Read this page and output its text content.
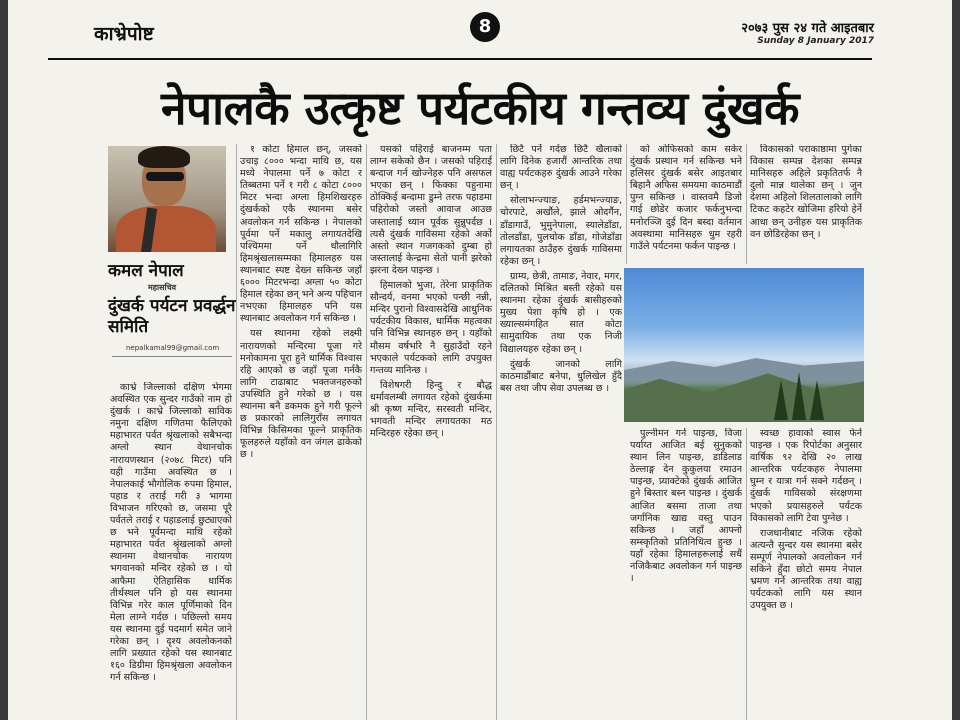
काभ्रेपोष्ट	8	२०७३ पुस २४ गते आइतबार
Sunday 8 January 2017
नेपालकै उत्कृष्ट पर्यटकीय गन्तव्य दुंखर्क
कमल नेपाल
महासचिव
दुंखर्क पर्यटन प्रवर्द्धन समिति
nepalkamal99@gmail.com

काभ्रे जिल्लाको दक्षिण भेगमा अवस्थित एक सुन्दर गाउँको नाम हो दुंखर्क । काभ्रे जिल्लाको साविक नमुना दक्षिण गणितमा फैलिएको महाभारत पर्वत श्रृंखलाको सबैभन्दा अग्लो स्थान वेथानचोक नारायणस्थान (२०७८ मिटर) पनि यही गाउँमा अवस्थित छ । नेपालकाई भौगोलिक रुपमा हिमाल, पहाड र तराई गरी ३ भागमा विभाजन गरिएको छ, जसमा पूरै पर्वतले तराई र पहाडलाई छुट्याएको छ भने पूर्वमन्दा माथि रहेको महाभारत पर्वत श्रृंखलाको अग्लो स्थानमा वेथानचोक नारायण भगवानको मन्दिर रहेको छ । यो आफैमा ऐतिहासिक धार्मिक तीर्थस्थल पनि हो यस स्थानमा विभिन्न गरेर काल पूर्णिमाको दिन मेला लाग्ने गर्दछ । पछिल्लो समय यस स्थानमा दुई पदमार्ग समेत जाने गरेका छन् । दृश्य अवलोकनको लागि प्रख्यात रहेको यस स्थानबाट १६० डिग्रीमा हिमश्रृंखला अवलोकन गर्न सकिन्छ ।

१ कोटा हिमाल छन्, जसको उचाइ ८००० भन्दा माथि छ, यस मध्ये नेपालमा पर्ने ७ कोटा र तिब्बतमा पर्ने १ गरी ८ कोटा ८००० मिटर भन्दा अग्ला हिमशिखरहरु दुंखर्कको एकै स्थानमा बसेर अवलोकन गर्न सकिन्छ । नेपालको पूर्वमा पर्ने मकालु लगायतदेखि पश्चिममा पर्ने धौलागिरि हिमश्रृंखलासम्मका हिमालहरु यस स्थानबाट स्पष्ट देख्न सकिन्छ जहाँ ६००० मिटरभन्दा अग्ला ५० कोटा हिमाल रहेका छन् भने अन्य पहिचान नभएका हिमालहरु पनि यस स्थानबाट अवलोकन गर्न सकिन्छ ।

यस स्थानमा रहेको लक्ष्मी नारायणको मन्दिरमा पूजा गरे मनोकामना पूरा हुने धार्मिक विश्वास रहि आएको छ जहाँ पूजा गर्नकै लागि टाढाबाट भक्तजनहरुको उपस्थिति हुने गरेको छ । यस स्थानमा बनै डकमक हुने गरी फूल्ने छ प्रकारको लालिगुराँस लगायत विभिन्न किसिमका फूल्ने प्राकृतिक फूलहरुले यहाँको वन जंगल ढाकेको छ ।

यसको पहिराई बाजनम्म पता लाग्न सकेको छैन । जसको पहिराई बन्दाज गर्न खोज्नेहरु पनि असफल भएका छन् । फिक्का पहुनामा ठोक्किई बन्दामा डुम्ने तरफ पहाडमा पहिरोको जस्तो आवाज आउछ जस्तालाई ध्यान पूर्वक सुन्नुपर्दछ । त्यसै दुंखर्क गाविसमा रहेको अर्को अस्तो स्थान गजगकको दुम्बा हो जस्तालाई केन्द्रमा सेतो पानी झरेको झरना देख्न पाइन्छ ।

हिमालको भुजा, तेरेना प्राकृतिक सौन्दर्य, वनमा भएको पन्छी नन्नी, मन्दिर पुरानो विश्वासदेखि आधुनिक पर्यटकीय विकास, धार्मिक महत्वका पनि विभिन्न स्थानहरु छन् । यहाँको मौसम वर्षभरि नै सुहाउँदो रहने भएकाले पर्यटकको लागि उपयुक्त गन्तव्य मानिन्छ ।

विशेषगरी हिन्दु र बौद्ध धर्मावलम्बी लगायत रहेको दुंखर्कमा श्री कृष्ण मन्दिर, सरस्वती मन्दिर, भगवती मन्दिर लगायतका मठ मन्दिरहरु रहेका छन् ।

छिटै पर्ने गर्दछ छिटै खैलाको लागि दिनेक हजारौं आन्तरिक तथा वाह्य पर्यटकहरु दुंखर्क आउने गरेका छन् ।

सोलाभन्ज्याङ, हर्डमभन्ज्याङ, चोरपाटे, अर्खौले, झाले ओदर्गैन, डाँडागाउँ, भुमुनेपाला, स्यालेडाँडा, तोलडाँडा, पुलचोक डाँडा, गोजेडाँडा लगायतका ठाउँहरु दुंखर्क गाविसमा रहेका छन् ।

ग्राम्य, छेत्री, तामाङ, नेवार, मगर, दलितको मिश्रित बस्ती रहेको यस स्थानमा रहेका दुंखर्क बासीहरुको मुख्य पेशा कृषि हो । एक ख्याल्समंगहित सात कोटा सामुदायिक तथा एक निजी विद्यालयहरु रहेका छन् ।

दुंखर्क जानको लागि काठमाडौंबाट बनेपा, धुलिखेल हुँदै बस तथा जीप सेवा उपलब्ध छ ।

को ओफिसको काम सकेर दुंखर्क प्रस्थान गर्न सकिन्छ भने हलिसर दुंखर्क बसेर आइतबार बिहानै अफिस समयमा काठमाडौं पुग्न सकिन्छ । वास्तवमै डिजो गाई छोडेर कजार फर्कनुभन्दा मनोरञ्जि दुई दिन बस्दा वर्तमान अवस्थामा मानिसहरु धुम रहरी गाउँले पर्यटनमा फर्कन पाइन्छ ।

विकासको पराकाष्ठामा पुगेका विकास सम्पन्न देशका सम्पन्न मानिसहरु अहिले प्रकृतितर्फ नै दुलो मान्न थालेका छन् । जुन देशमा अहिलो शिलतालाको लागि टिकट कहटेर खोजिमा हरियो हेर्ने आधा छन् उनीहरु यस प्राकृतिक वन छोडिरहेका छन् ।

पुल्नीमन गर्न पाइन्छ, विजा पर्याय्त आजित बई सुनुकको स्थान लिन पाइन्छ, डाडिलाड ठेल्लाङ्ग देन कुकुलया रमाउन पाइन्छ, प्र्याक्टेको दुंखर्क आजित हुने बिस्तार बस्न पाइन्छ । दुंखर्क आजित बसमा ताजा तथा जर्गानिक खाद्य वस्तु पाउन सकिन्छ । जहाँ आफ्नो सम्स्कृतिको प्रतिनिधित्व हुन्छ । यहाँ रहेका हिमालहरूलाई सधैं नजिकैबाट अवलोकन गर्न पाइन्छ ।

स्वच्छ हावाको स्वास फेर्न पाइन्छ । एक रिपोर्टका अनुसार वार्षिक ९२ देखि २० लाख आन्तरिक पर्यटकहरु नेपालमा घुम्न र यात्रा गर्न सक्ने गर्दछन् । दुंखर्क गाविसको संरक्षणमा भएको प्रयासहरुले पर्यटक विकासको लागि टेवा पुग्नेछ ।

राजधानीबाट नजिक रहेको अत्यन्तै सुन्दर यस स्थानमा बसेर सम्पूर्ण नेपालको अवलोकन गर्न सकिने हुँदा छोटो समय नेपाल भ्रमण गर्ने आन्तरिक तथा वाह्य पर्यटकको लागि यस स्थान उपयुक्त छ ।
